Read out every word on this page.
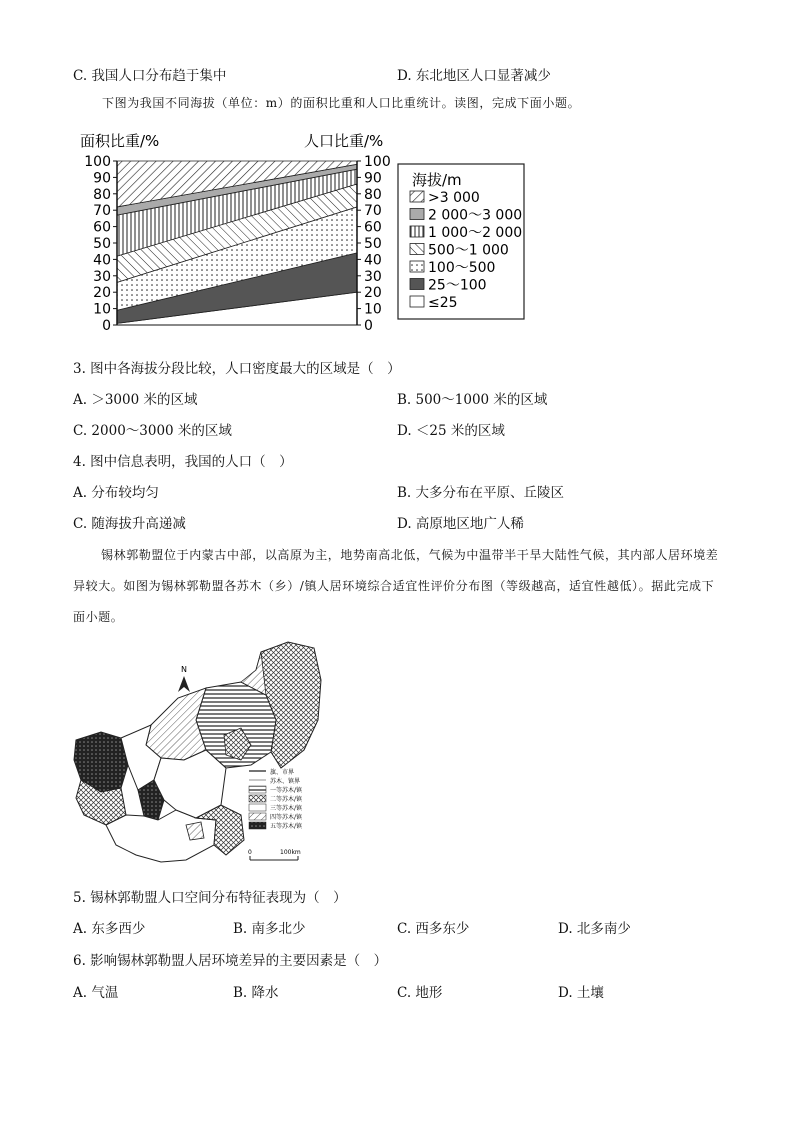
C. 我国人口分布趋于集中	D. 东北地区人口显著减少
下图为我国不同海拔（单位：m）的面积比重和人口比重统计。读图，完成下面小题。
100
90
80
70
60
50
40
30
20
10
0
100
90
80
70
60
50
40
30
20
10
0
面积比重/%	人口比重/%
海拔/m
>3 000
2 000～3 000
1 000～2 000
500～1 000
100～500
25～100
≤25
3. 图中各海拔分段比较，人口密度最大的区域是（　）
A. ＞3000 米的区域	B. 500～1000 米的区域
C. 2000～3000 米的区域	D. ＜25 米的区域
4. 图中信息表明，我国的人口（　）
A. 分布较均匀	B. 大多分布在平原、丘陵区
C. 随海拔升高递减	D. 高原地区地广人稀
锡林郭勒盟位于内蒙古中部，以高原为主，地势南高北低，气候为中温带半干旱大陆性气候，其内部人居环境差异较大。如图为锡林郭勒盟各苏木（乡）/镇人居环境综合适宜性评价分布图（等级越高，适宜性越低）。据此完成下面小题。
N
旗、市界
苏木、镇界
一等苏木/镇
二等苏木/镇
三等苏木/镇
四等苏木/镇
五等苏木/镇
0	100km
5. 锡林郭勒盟人口空间分布特征表现为（　）
A. 东多西少	B. 南多北少	C. 西多东少	D. 北多南少
6. 影响锡林郭勒盟人居环境差异的主要因素是（　）
A. 气温	B. 降水	C. 地形	D. 土壤
